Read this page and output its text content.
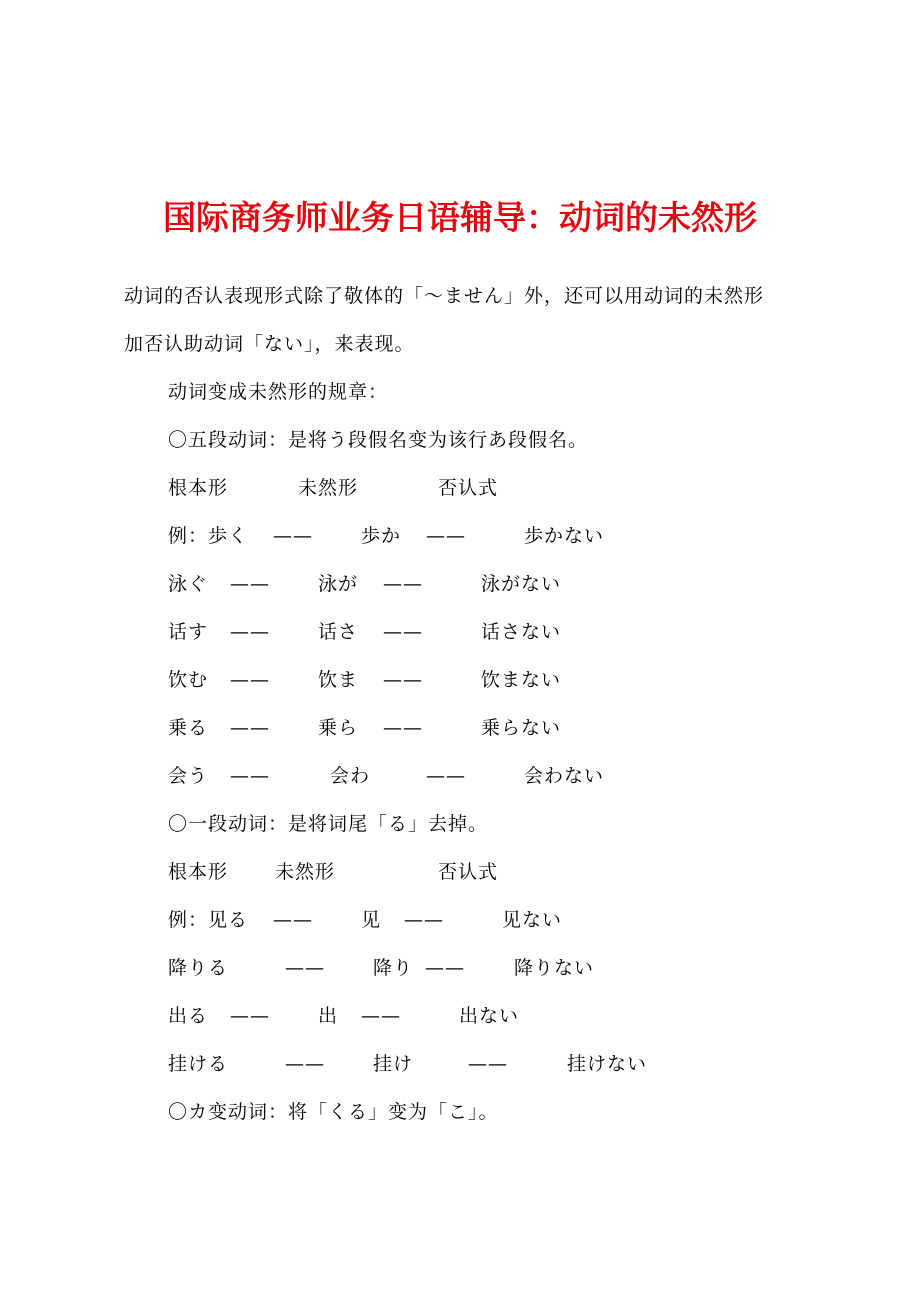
国际商务师业务日语辅导：动词的未然形
动词的否认表现形式除了敬体的「～ません」外，还可以用动词的未然形
加否认助动词「ない」，来表现。
动词变成未然形的规章：
〇五段动词：是将う段假名变为该行あ段假名。
根本形	未然形	否认式
例：歩く ——	歩か ——	歩かない
泳ぐ ——	泳が ——	泳がない
话す ——	话さ ——	话さない
饮む ——	饮ま ——	饮まない
乗る ——	乗ら ——	乗らない
会う ——	会わ	——	会わない
〇一段动词：是将词尾「る」去掉。
根本形 未然形	否认式
例：见る ——	见 ——	见ない
降りる	——	降り ——	降りない
出る ——	出 ——	出ない
挂ける	——	挂け	——	挂けない
〇カ变动词：将「くる」变为「こ」。
